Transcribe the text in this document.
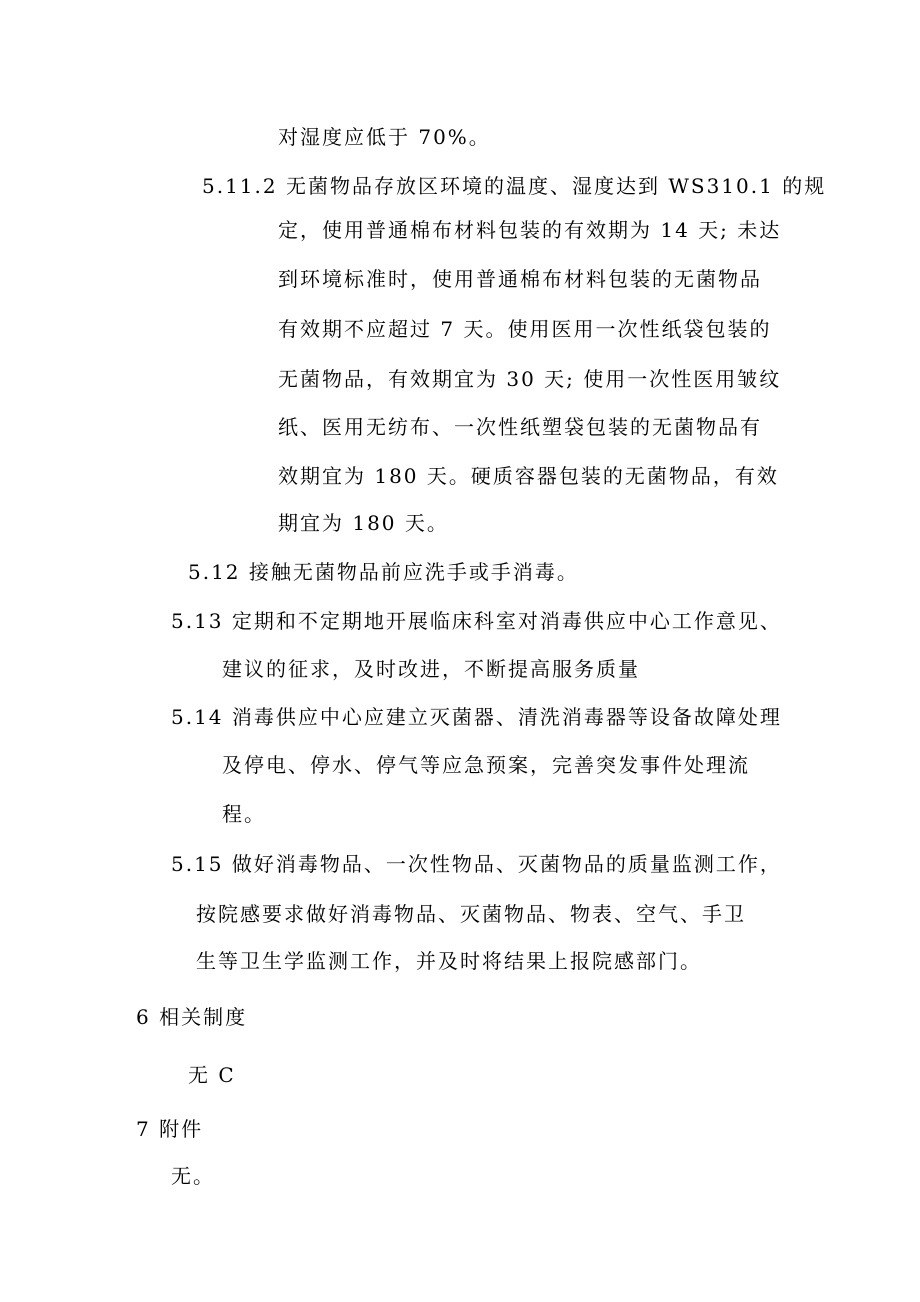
对湿度应低于 70%。
5.11.2 无菌物品存放区环境的温度、湿度达到 WS310.1 的规
定，使用普通棉布材料包装的有效期为 14 天; 未达
到环境标准时，使用普通棉布材料包装的无菌物品
有效期不应超过 7 天。使用医用一次性纸袋包装的
无菌物品，有效期宜为 30 天; 使用一次性医用皱纹
纸、医用无纺布、一次性纸塑袋包装的无菌物品有
效期宜为 180 天。硬质容器包装的无菌物品，有效
期宜为 180 天。
5.12 接触无菌物品前应洗手或手消毒。
5.13 定期和不定期地开展临床科室对消毒供应中心工作意见、
建议的征求，及时改进，不断提高服务质量
5.14 消毒供应中心应建立灭菌器、清洗消毒器等设备故障处理
及停电、停水、停气等应急预案，完善突发事件处理流
程。
5.15 做好消毒物品、一次性物品、灭菌物品的质量监测工作，
按院感要求做好消毒物品、灭菌物品、物表、空气、手卫
生等卫生学监测工作，并及时将结果上报院感部门。
6 相关制度
无 C
7 附件
无。
